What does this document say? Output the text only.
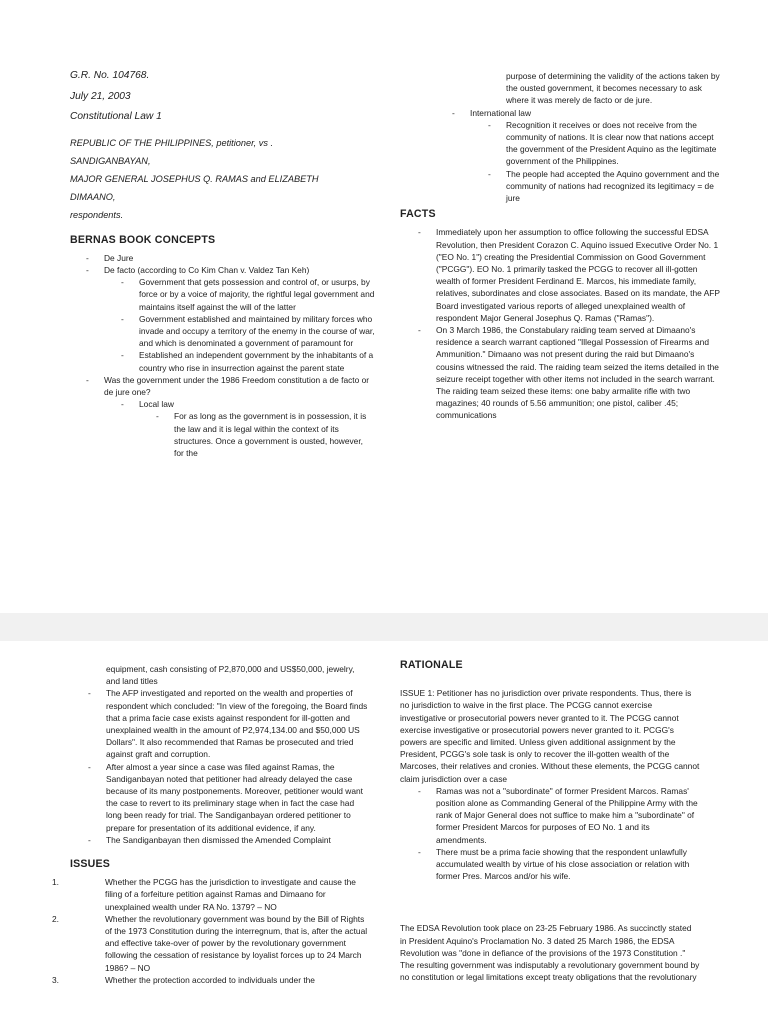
G.R. No. 104768.
July 21, 2003
Constitutional Law 1
REPUBLIC OF THE PHILIPPINES, petitioner, vs .
SANDIGANBAYAN,
MAJOR GENERAL JOSEPHUS Q. RAMAS and ELIZABETH
DIMAANO,
respondents.
BERNAS BOOK CONCEPTS
- De Jure
- De facto (according to Co Kim Chan v. Valdez Tan Keh)
- Government that gets possession and control of, or usurps, by force or by a voice of majority, the rightful legal government and maintains itself against the will of the latter
- Government established and maintained by military forces who invade and occupy a territory of the enemy in the course of war, and which is denominated a government of paramount for
- Established an independent government by the inhabitants of a country who rise in insurrection against the parent state
- Was the government under the 1986 Freedom constitution a de facto or de jure one?
- Local law
- For as long as the government is in possession, it is the law and it is legal within the context of its structures. Once a government is ousted, however, for the
purpose of determining the validity of the actions taken by the ousted government, it becomes necessary to ask where it was merely de facto or de jure.
- International law
- Recognition it receives or does not receive from the community of nations. It is clear now that nations accept the government of the President Aquino as the legitimate government of the Philippines.
- The people had accepted the Aquino government and the community of nations had recognized its legitimacy = de jure
FACTS
- Immediately upon her assumption to office following the successful EDSA Revolution, then President Corazon C. Aquino issued Executive Order No. 1 ("EO No. 1") creating the Presidential Commission on Good Government ("PCGG"). EO No. 1 primarily tasked the PCGG to recover all ill-gotten wealth of former President Ferdinand E. Marcos, his immediate family, relatives, subordinates and close associates. Based on its mandate, the AFP Board investigated various reports of alleged unexplained wealth of respondent Major General Josephus Q. Ramas ("Ramas").
- On 3 March 1986, the Constabulary raiding team served at Dimaano's residence a search warrant captioned "Illegal Possession of Firearms and Ammunition." Dimaano was not present during the raid but Dimaano's cousins witnessed the raid. The raiding team seized the items detailed in the seizure receipt together with other items not included in the search warrant. The raiding team seized these items: one baby armalite rifle with two magazines; 40 rounds of 5.56 ammunition; one pistol, caliber .45; communications
equipment, cash consisting of P2,870,000 and US$50,000, jewelry, and land titles
- The AFP investigated and reported on the wealth and properties of respondent which concluded: "In view of the foregoing, the Board finds that a prima facie case exists against respondent for ill-gotten and unexplained wealth in the amount of P2,974,134.00 and $50,000 US Dollars". It also recommended that Ramas be prosecuted and tried against graft and corruption.
- After almost a year since a case was filed against Ramas, the Sandiganbayan noted that petitioner had already delayed the case because of its many postponements. Moreover, petitioner would want the case to revert to its preliminary stage when in fact the case had long been ready for trial. The Sandiganbayan ordered petitioner to prepare for presentation of its additional evidence, if any.
- The Sandiganbayan then dismissed the Amended Complaint
ISSUES
1.	Whether the PCGG has the jurisdiction to investigate and cause the filing of a forfeiture petition against Ramas and Dimaano for unexplained wealth under RA No. 1379? – NO
2.	Whether the revolutionary government was bound by the Bill of Rights of the 1973 Constitution during the interregnum, that is, after the actual and effective take-over of power by the revolutionary government following the cessation of resistance by loyalist forces up to 24 March 1986? – NO
3.	Whether the protection accorded to individuals under the
RATIONALE

ISSUE 1: Petitioner has no jurisdiction over private respondents. Thus, there is no jurisdiction to waive in the first place. The PCGG cannot exercise investigative or prosecutorial powers never granted to it. The PCGG cannot exercise investigative or prosecutorial powers never granted to it. PCGG's powers are specific and limited. Unless given additional assignment by the President, PCGG's sole task is only to recover the ill-gotten wealth of the Marcoses, their relatives and cronies. Without these elements, the PCGG cannot claim jurisdiction over a case

- Ramas was not a "subordinate" of former President Marcos. Ramas' position alone as Commanding General of the Philippine Army with the rank of Major General does not suffice to make him a "subordinate" of former President Marcos for purposes of EO No. 1 and its amendments.
- There must be a prima facie showing that the respondent unlawfully accumulated wealth by virtue of his close association or relation with former Pres. Marcos and/or his wife.

The EDSA Revolution took place on 23-25 February 1986. As succinctly stated in President Aquino's Proclamation No. 3 dated 25 March 1986, the EDSA Revolution was "done in defiance of the provisions of the 1973 Constitution ." The resulting government was indisputably a revolutionary government bound by no constitution or legal limitations except treaty obligations that the revolutionary
